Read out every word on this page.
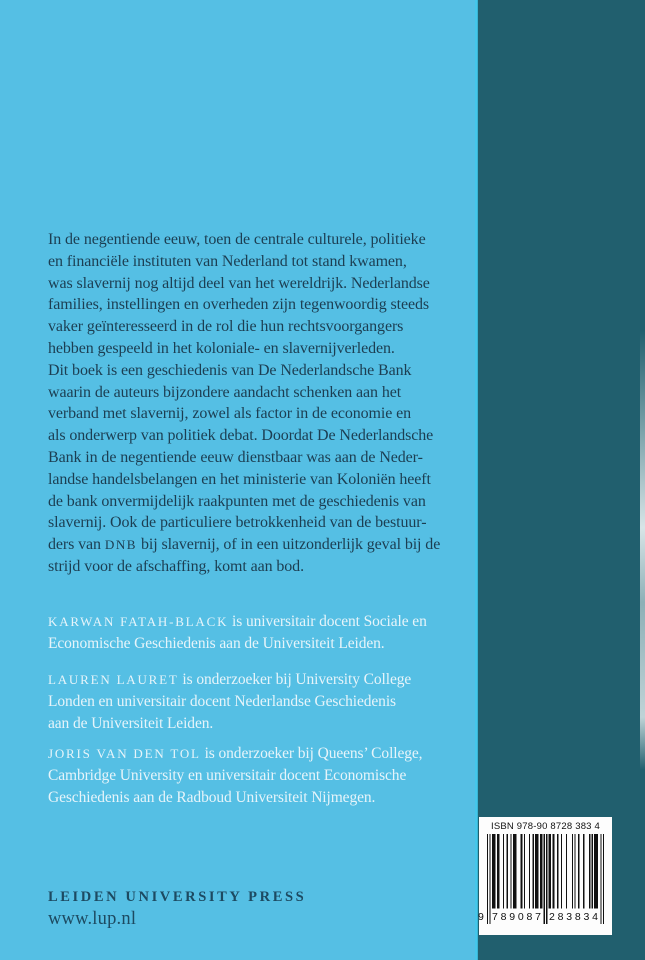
In de negentiende eeuw, toen de centrale culturele, politieke
en financiële instituten van Nederland tot stand kwamen,
was slavernij nog altijd deel van het wereldrijk. Nederlandse
families, instellingen en overheden zijn tegenwoordig steeds
vaker geïnteresseerd in de rol die hun rechtsvoorgangers
hebben gespeeld in het koloniale- en slavernijverleden.
Dit boek is een geschiedenis van De Nederlandsche Bank
waarin de auteurs bijzondere aandacht schenken aan het
verband met slavernij, zowel als factor in de economie en
als onderwerp van politiek debat. Doordat De Nederlandsche
Bank in de negentiende eeuw dienstbaar was aan de Neder-
landse handelsbelangen en het ministerie van Koloniën heeft
de bank onvermijdelijk raakpunten met de geschiedenis van
slavernij. Ook de particuliere betrokkenheid van de bestuur-
ders van DNB bij slavernij, of in een uitzonderlijk geval bij de
strijd voor de afschaffing, komt aan bod.
KARWAN FATAH-BLACK is universitair docent Sociale en
Economische Geschiedenis aan de Universiteit Leiden.
LAUREN LAURET is onderzoeker bij University College
Londen en universitair docent Nederlandse Geschiedenis
aan de Universiteit Leiden.
JORIS VAN DEN TOL is onderzoeker bij Queens’ College,
Cambridge University en universitair docent Economische
Geschiedenis aan de Radboud Universiteit Nijmegen.
LEIDEN UNIVERSITY PRESS
www.lup.nl
ISBN 978-90 8728 383 4
9 7 8 9 0 8 7 2 8 3 8 3 4
